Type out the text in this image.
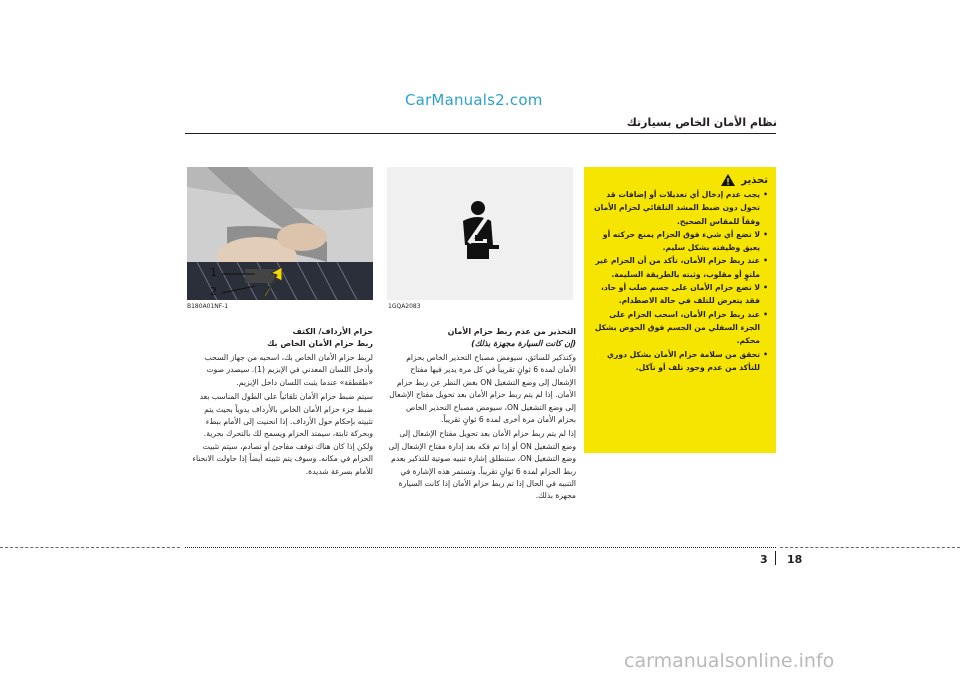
CarManuals2.com
نظام الأمان الخاص بسيارتك
1
2
B180A01NF-1	1GQA2083
تحذير
• يجب عدم إدخال أي تعديلات أو إضافات قد تحول دون ضبط المشد التلقائي لحزام الأمان وفقاً للمقاس الصحيح.
• لا تضع أي شيء فوق الحزام يمنع حركته أو يعيق وظيفته بشكل سليم.
• عند ربط حزام الأمان، تأكد من أن الحزام غير ملتوٍ أو مقلوب، وثبته بالطريقة السليمة.
• لا تضع حزام الأمان على جسم صلب أو حاد، فقد يتعرض للتلف في حالة الاصطدام.
• عند ربط حزام الأمان، اسحب الحزام على الجزء السفلي من الجسم فوق الحوض بشكل محكم.
• تحقق من سلامة حزام الأمان بشكل دوري للتأكد من عدم وجود تلف أو تآكل.
التحذير من عدم ربط حزام الأمان
(إن كانت السيارة مجهزة بذلك)
وكتذكير للسائق، سيومض مصباح التحذير الخاص بحزام الأمان لمدة 6 ثوانٍ تقريباً في كل مرة يدير فيها مفتاح الإشعال إلى وضع التشغيل ON بغض النظر عن ربط حزام الأمان. إذا لم يتم ربط حزام الأمان بعد تحويل مفتاح الإشعال إلى وضع التشغيل ON، سيومض مصباح التحذير الخاص بحزام الأمان مرة أخرى لمدة 6 ثوانٍ تقريباً.
إذا لم يتم ربط حزام الأمان بعد تحويل مفتاح الإشعال إلى وضع التشغيل ON أو إذا تم فكه بعد إدارة مفتاح الإشعال إلى وضع التشغيل ON، ستنطلق إشارة تنبيه صوتية للتذكير بعدم ربط الحزام لمدة 6 ثوانٍ تقريباً. وتستمر هذه الإشارة في التنبيه في الحال إذا تم ربط حزام الأمان إذا كانت السيارة مجهزة بذلك.
حزام الأرداف/ الكتف
ربط حزام الأمان الخاص بك
لربط حزام الأمان الخاص بك، اسحبه من جهاز السحب وأدخل اللسان المعدني في الإبزيم (1). سيصدر صوت «طقطقة» عندما يثبت اللسان داخل الإبزيم.
سيتم ضبط حزام الأمان تلقائياً على الطول المناسب بعد ضبط جزء حزام الأمان الخاص بالأرداف يدوياً بحيث يتم تثبيته بإحكام حول الأرداف. إذا انحنيت إلى الأمام ببطء وبحركة ثابتة، سيمتد الحزام ويسمح لك بالتحرك بحرية. ولكن إذا كان هناك توقف مفاجئ أو تصادم، سيتم تثبيت الحزام في مكانه. وسوف يتم تثبيته أيضاً إذا حاولت الانحناء للأمام بسرعة شديدة.
3 18
carmanualsonline.info
